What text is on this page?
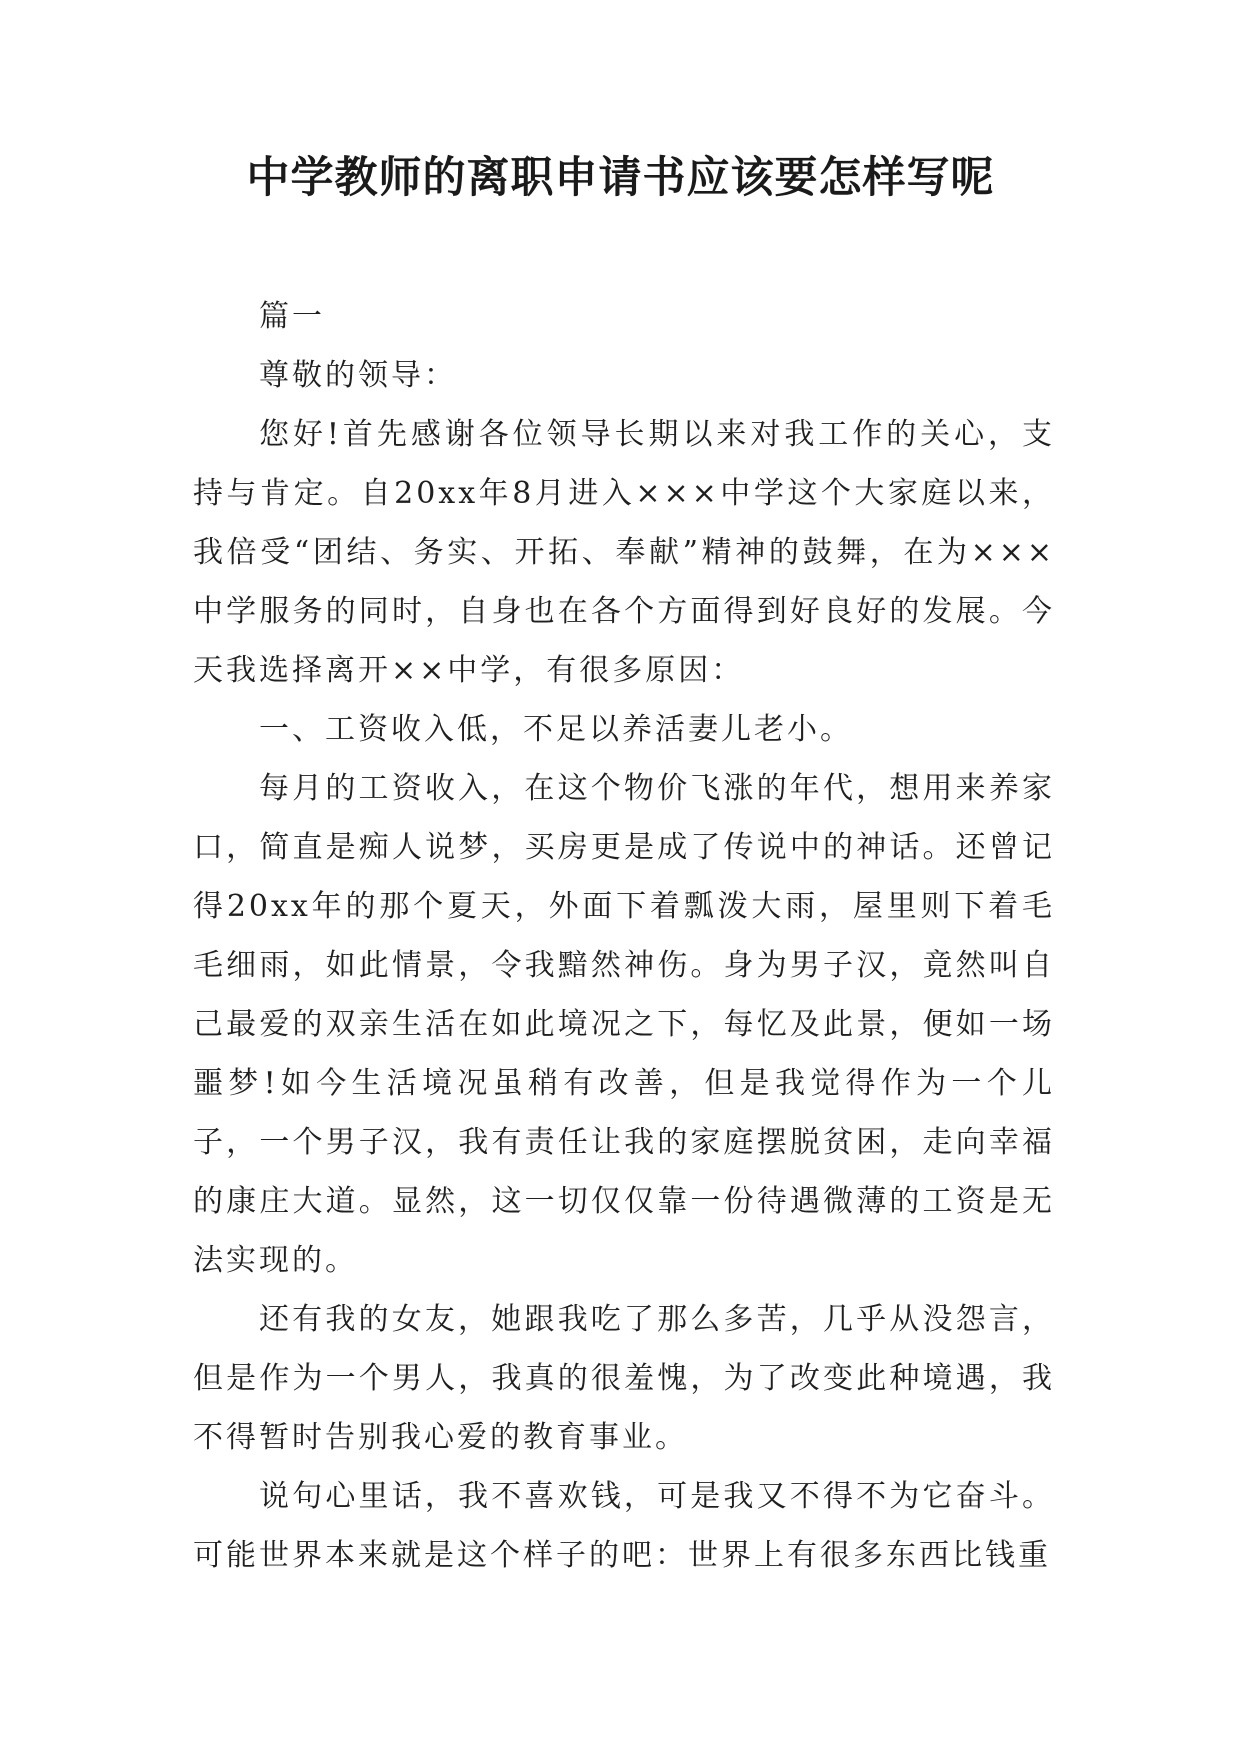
中学教师的离职申请书应该要怎样写呢

篇一

尊敬的领导：

您好!首先感谢各位领导长期以来对我工作的关心，支持与肯定。自20xx年8月进入×××中学这个大家庭以来，我倍受“团结、务实、开拓、奉献”精神的鼓舞，在为×××中学服务的同时，自身也在各个方面得到好良好的发展。今天我选择离开××中学，有很多原因：

一、工资收入低，不足以养活妻儿老小。

每月的工资收入，在这个物价飞涨的年代，想用来养家口，简直是痴人说梦，买房更是成了传说中的神话。还曾记得20xx年的那个夏天，外面下着瓢泼大雨，屋里则下着毛毛细雨，如此情景，令我黯然神伤。身为男子汉，竟然叫自己最爱的双亲生活在如此境况之下，每忆及此景，便如一场噩梦!如今生活境况虽稍有改善，但是我觉得作为一个儿子，一个男子汉，我有责任让我的家庭摆脱贫困，走向幸福的康庄大道。显然，这一切仅仅靠一份待遇微薄的工资是无法实现的。

还有我的女友，她跟我吃了那么多苦，几乎从没怨言，但是作为一个男人，我真的很羞愧，为了改变此种境遇，我不得暂时告别我心爱的教育事业。

说句心里话，我不喜欢钱，可是我又不得不为它奋斗。可能世界本来就是这个样子的吧：世界上有很多东西比钱重
